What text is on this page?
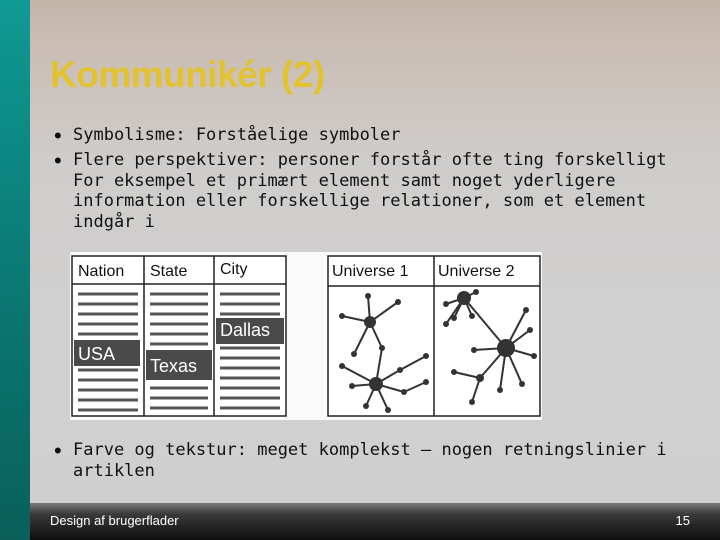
Kommunikér (2)
• Symbolisme: Forståelige symboler
• Flere perspektiver: personer forstår ofte ting forskelligt
For eksempel et primært element samt noget yderligere
information eller forskellige relationer, som et element
indgår i
Nation State City
USA
Texas
Dallas
Universe 1 Universe 2
• Farve og tekstur: meget komplekst – nogen retningslinier i
artiklen
Design af brugerflader	15
